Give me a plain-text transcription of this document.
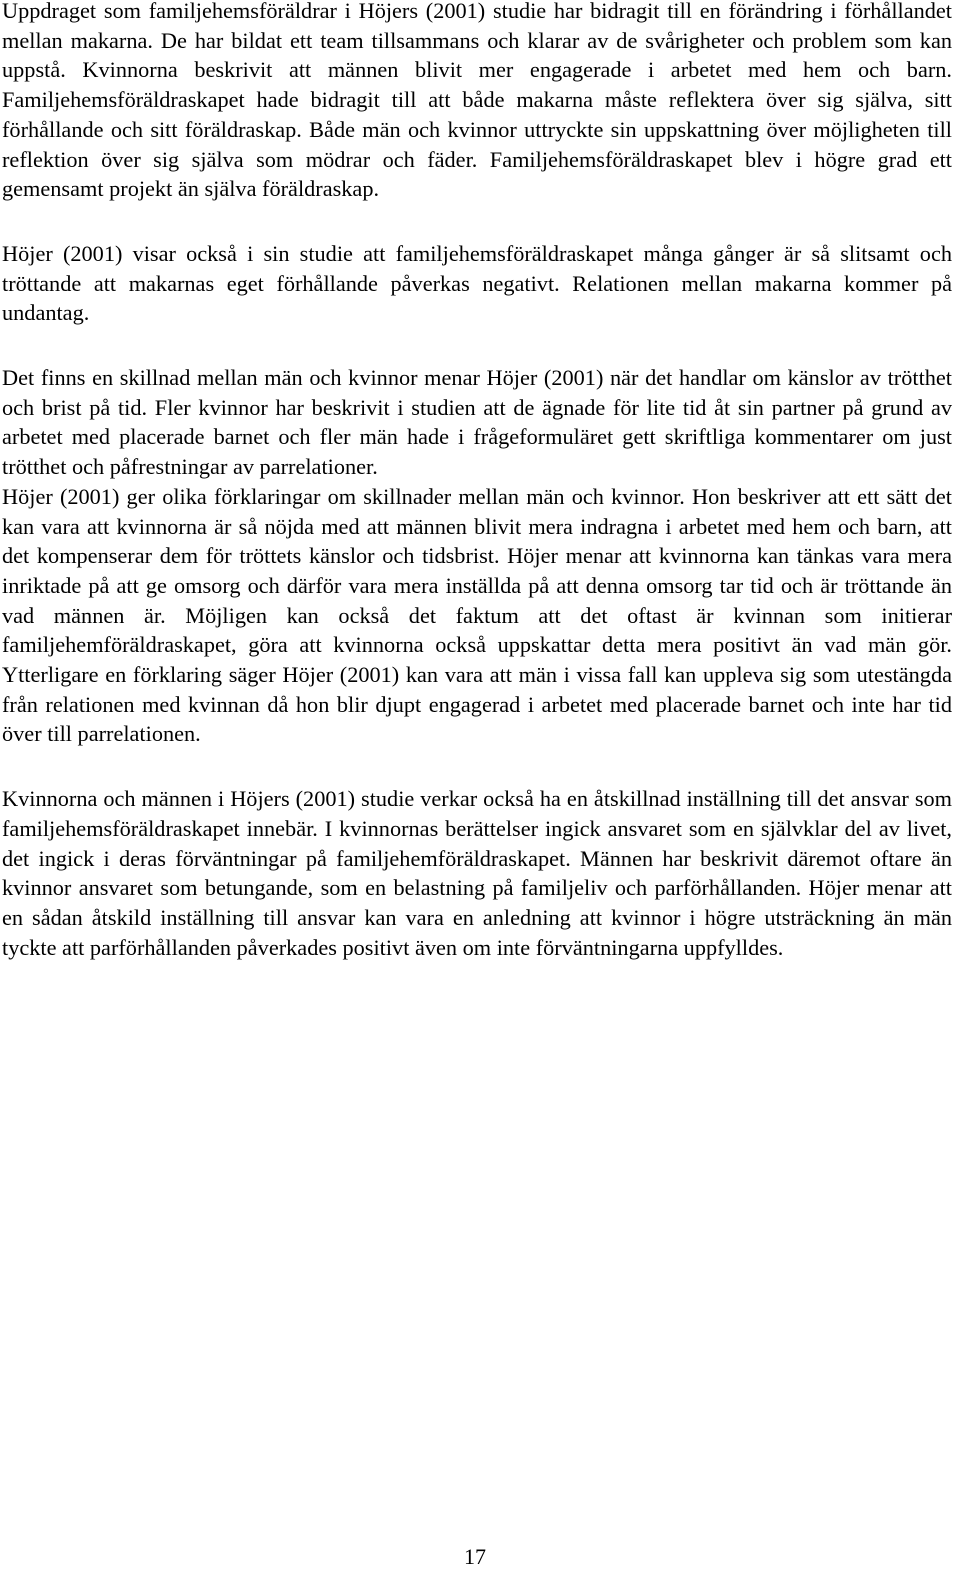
Uppdraget som familjehemsföräldrar i Höjers (2001) studie har bidragit till en förändring i förhållandet mellan makarna. De har bildat ett team tillsammans och klarar av de svårigheter och problem som kan uppstå. Kvinnorna beskrivit att männen blivit mer engagerade i arbetet med hem och barn. Familjehemsföräldraskapet hade bidragit till att både makarna måste reflektera över sig själva, sitt förhållande och sitt föräldraskap. Både män och kvinnor uttryckte sin uppskattning över möjligheten till reflektion över sig själva som mödrar och fäder. Familjehemsföräldraskapet blev i högre grad ett gemensamt projekt än själva föräldraskap.

Höjer (2001) visar också i sin studie att familjehemsföräldraskapet många gånger är så slitsamt och tröttande att makarnas eget förhållande påverkas negativt. Relationen mellan makarna kommer på undantag.

Det finns en skillnad mellan män och kvinnor menar Höjer (2001) när det handlar om känslor av trötthet och brist på tid. Fler kvinnor har beskrivit i studien att de ägnade för lite tid åt sin partner på grund av arbetet med placerade barnet och fler män hade i frågeformuläret gett skriftliga kommentarer om just trötthet och påfrestningar av parrelationer.

Höjer (2001) ger olika förklaringar om skillnader mellan män och kvinnor. Hon beskriver att ett sätt det kan vara att kvinnorna är så nöjda med att männen blivit mera indragna i arbetet med hem och barn, att det kompenserar dem för tröttets känslor och tidsbrist. Höjer menar att kvinnorna kan tänkas vara mera inriktade på att ge omsorg och därför vara mera inställda på att denna omsorg tar tid och är tröttande än vad männen är. Möjligen kan också det faktum att det oftast är kvinnan som initierar familjehemföräldraskapet, göra att kvinnorna också uppskattar detta mera positivt än vad män gör. Ytterligare en förklaring säger Höjer (2001) kan vara att män i vissa fall kan uppleva sig som utestängda från relationen med kvinnan då hon blir djupt engagerad i arbetet med placerade barnet och inte har tid över till parrelationen.

Kvinnorna och männen i Höjers (2001) studie verkar också ha en åtskillnad inställning till det ansvar som familjehemsföräldraskapet innebär. I kvinnornas berättelser ingick ansvaret som en självklar del av livet, det ingick i deras förväntningar på familjehemföräldraskapet. Männen har beskrivit däremot oftare än kvinnor ansvaret som betungande, som en belastning på familjeliv och parförhållanden. Höjer menar att en sådan åtskild inställning till ansvar kan vara en anledning att kvinnor i högre utsträckning än män tyckte att parförhållanden påverkades positivt även om inte förväntningarna uppfylldes.

17
